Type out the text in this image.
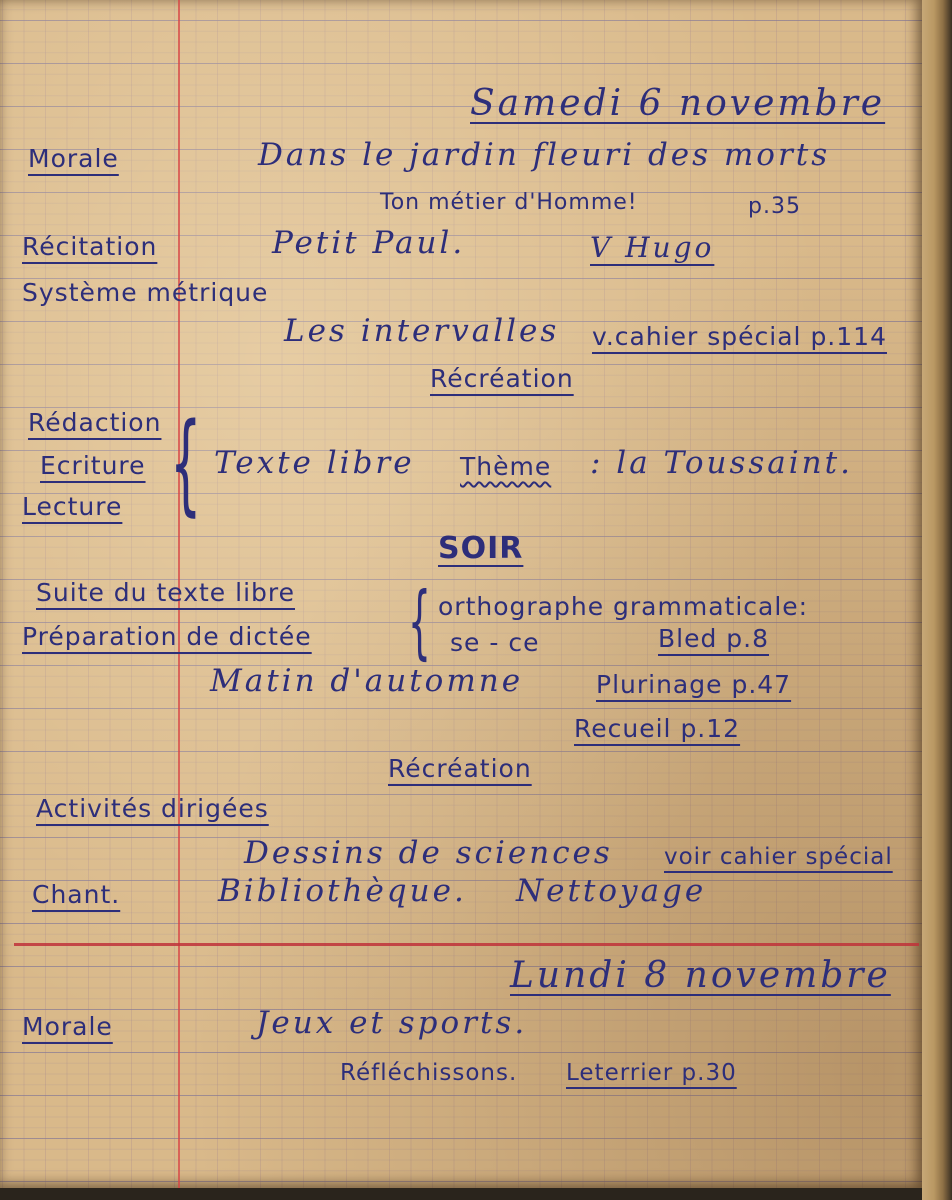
Samedi 6 novembre
Morale	Dans le jardin fleuri des morts
Ton métier d'Homme!	p.35
Récitation	Petit Paul.	V Hugo
Système métrique
Les intervalles v.cahier spécial p.114
Récréation
Rédaction
Ecriture
Lecture { Texte libre Thème : la Toussaint.
SOIR
Suite du texte libre
Préparation de dictée { orthographe grammaticale:
se - ce	Bled p.8
Matin d'automne	Plurinage p.47
Recueil p.12
Récréation
Activités dirigées
Dessins de sciences voir cahier spécial
Chant.	Bibliothèque. Nettoyage
Lundi 8 novembre
Morale	Jeux et sports.
Réfléchissons. Leterrier p.30
